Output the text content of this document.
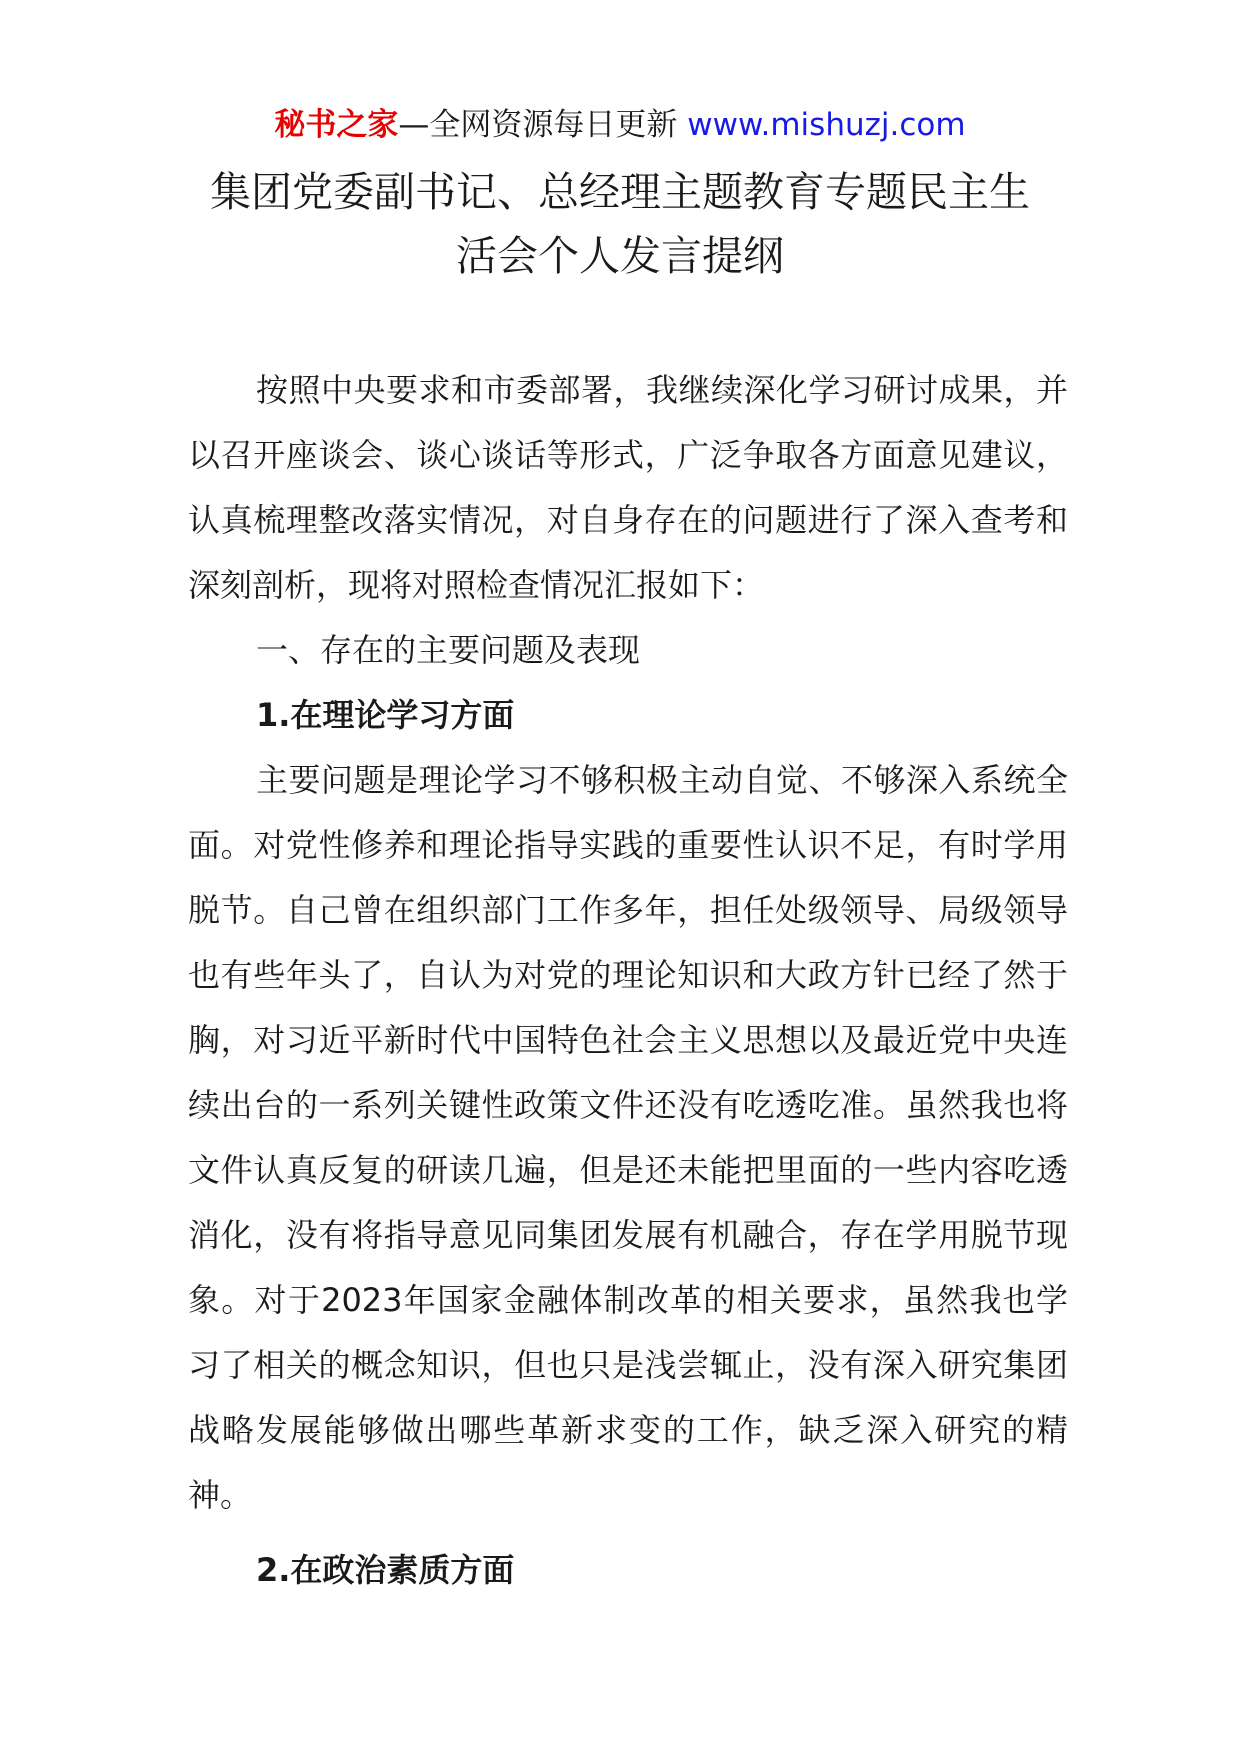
秘书之家—全网资源每日更新 www.mishuzj.com
集团党委副书记、总经理主题教育专题民主生
活会个人发言提纲

按照中央要求和市委部署，我继续深化学习研讨成果，并以召开座谈会、谈心谈话等形式，广泛争取各方面意见建议，认真梳理整改落实情况，对自身存在的问题进行了深入查考和深刻剖析，现将对照检查情况汇报如下：

一、存在的主要问题及表现

1.在理论学习方面

主要问题是理论学习不够积极主动自觉、不够深入系统全面。对党性修养和理论指导实践的重要性认识不足，有时学用脱节。自己曾在组织部门工作多年，担任处级领导、局级领导也有些年头了，自认为对党的理论知识和大政方针已经了然于胸，对习近平新时代中国特色社会主义思想以及最近党中央连续出台的一系列关键性政策文件还没有吃透吃准。虽然我也将文件认真反复的研读几遍，但是还未能把里面的一些内容吃透消化，没有将指导意见同集团发展有机融合，存在学用脱节现象。对于2023年国家金融体制改革的相关要求，虽然我也学习了相关的概念知识，但也只是浅尝辄止，没有深入研究集团战略发展能够做出哪些革新求变的工作，缺乏深入研究的精神。

2.在政治素质方面
